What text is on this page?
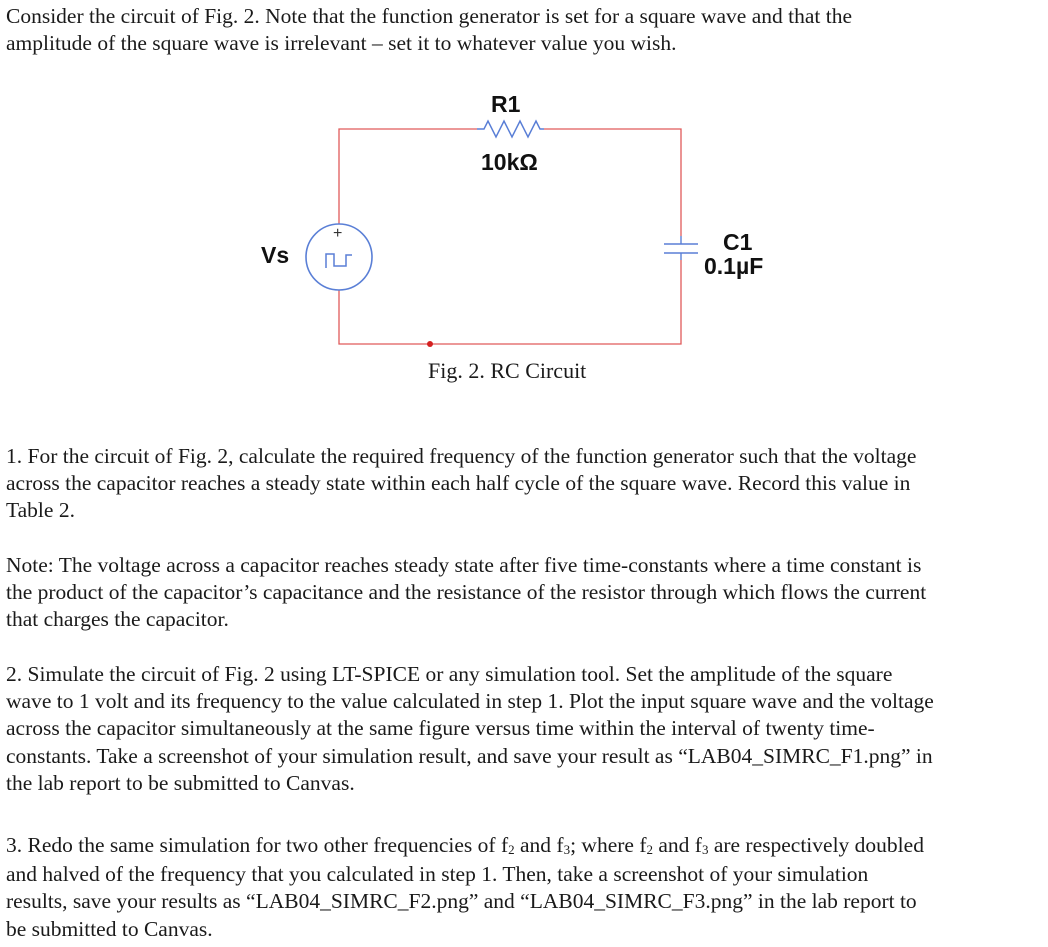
Consider the circuit of Fig. 2. Note that the function generator is set for a square wave and that the
amplitude of the square wave is irrelevant – set it to whatever value you wish.
R1
10kΩ
Vs
+	C1
0.1µF
Fig. 2. RC Circuit
1. For the circuit of Fig. 2, calculate the required frequency of the function generator such that the voltage
across the capacitor reaches a steady state within each half cycle of the square wave. Record this value in
Table 2.
Note: The voltage across a capacitor reaches steady state after five time-constants where a time constant is
the product of the capacitor’s capacitance and the resistance of the resistor through which flows the current
that charges the capacitor.
2. Simulate the circuit of Fig. 2 using LT-SPICE or any simulation tool. Set the amplitude of the square
wave to 1 volt and its frequency to the value calculated in step 1. Plot the input square wave and the voltage
across the capacitor simultaneously at the same figure versus time within the interval of twenty time-
constants. Take a screenshot of your simulation result, and save your result as “LAB04_SIMRC_F1.png” in
the lab report to be submitted to Canvas.
3. Redo the same simulation for two other frequencies of $f_2$ and $f_3$; where $f_2$ and $f_3$ are respectively doubled
and halved of the frequency that you calculated in step 1. Then, take a screenshot of your simulation
results, save your results as “LAB04_SIMRC_F2.png” and “LAB04_SIMRC_F3.png” in the lab report to
be submitted to Canvas.
